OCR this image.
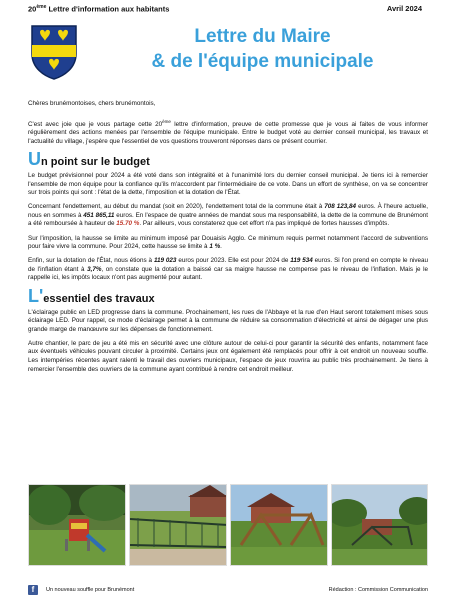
20ème Lettre d'information aux habitants	Avril 2024
Lettre du Maire
& de l'équipe municipale

Chères brunémontoises, chers brunémontois,

C'est avec joie que je vous partage cette 20ème lettre d'information, preuve de cette promesse que je vous ai faites de vous informer régulièrement des actions menées par l'ensemble de l'équipe municipale. Entre le budget voté au dernier conseil municipal, les travaux et l'actualité du village, j'espère que l'essentiel de vos questions trouveront réponses dans ce présent courrier.

Un point sur le budget

Le budget prévisionnel pour 2024 a été voté dans son intégralité et à l'unanimité lors du dernier conseil municipal. Je tiens ici à remercier l'ensemble de mon équipe pour la confiance qu'ils m'accordent par l'intermédiaire de ce vote. Dans un effort de synthèse, on va se concentrer sur trois points qui sont : l'état de la dette, l'imposition et la dotation de l'État.

Concernant l'endettement, au début du mandat (soit en 2020), l'endettement total de la commune était à 708 123,84 euros. À l'heure actuelle, nous en sommes à 451 865,11 euros. En l'espace de quatre années de mandat sous ma responsabilité, la dette de la commune de Brunémont a été remboursée à hauteur de 15.70 %. Par ailleurs, vous constaterez que cet effort n'a pas impliqué de fortes hausses d'impôts.

Sur l'imposition, la hausse se limite au minimum imposé par Douaisis Agglo. Ce minimum requis permet notamment l'accord de subventions pour faire vivre la commune. Pour 2024, cette hausse se limite à 1 %.

Enfin, sur la dotation de l'État, nous étions à 119 023 euros pour 2023. Elle est pour 2024 de 119 534 euros. Si l'on prend en compte le niveau de l'inflation étant à 3,7%, on constate que la dotation a baissé car sa maigre hausse ne compense pas le niveau de l'inflation. Mais je le rappelle ici, les impôts locaux n'ont pas augmenté pour autant.

L'essentiel des travaux

L'éclairage public en LED progresse dans la commune. Prochainement, les rues de l'Abbaye et la rue d'en Haut seront totalement mises sous éclairage LED. Pour rappel, ce mode d'éclairage permet à la commune de réduire sa consommation d'électricité et ainsi de dégager une plus grande marge de manœuvre sur les dépenses de fonctionnement.

Autre chantier, le parc de jeu a été mis en sécurité avec une clôture autour de celui-ci pour garantir la sécurité des enfants, notamment face aux éventuels véhicules pouvant circuler à proximité. Certains jeux ont également été remplacés pour offrir à cet endroit un nouveau souffle. Les intempéries récentes ayant ralenti le travail des ouvriers municipaux, l'espace de jeux rouvrira au public très prochainement. Je tiens à remercier l'ensemble des ouvriers de la commune ayant contribué à rendre cet endroit meilleur.

f	Un nouveau souffle pour Brunémont	Rédaction : Commission Communication
